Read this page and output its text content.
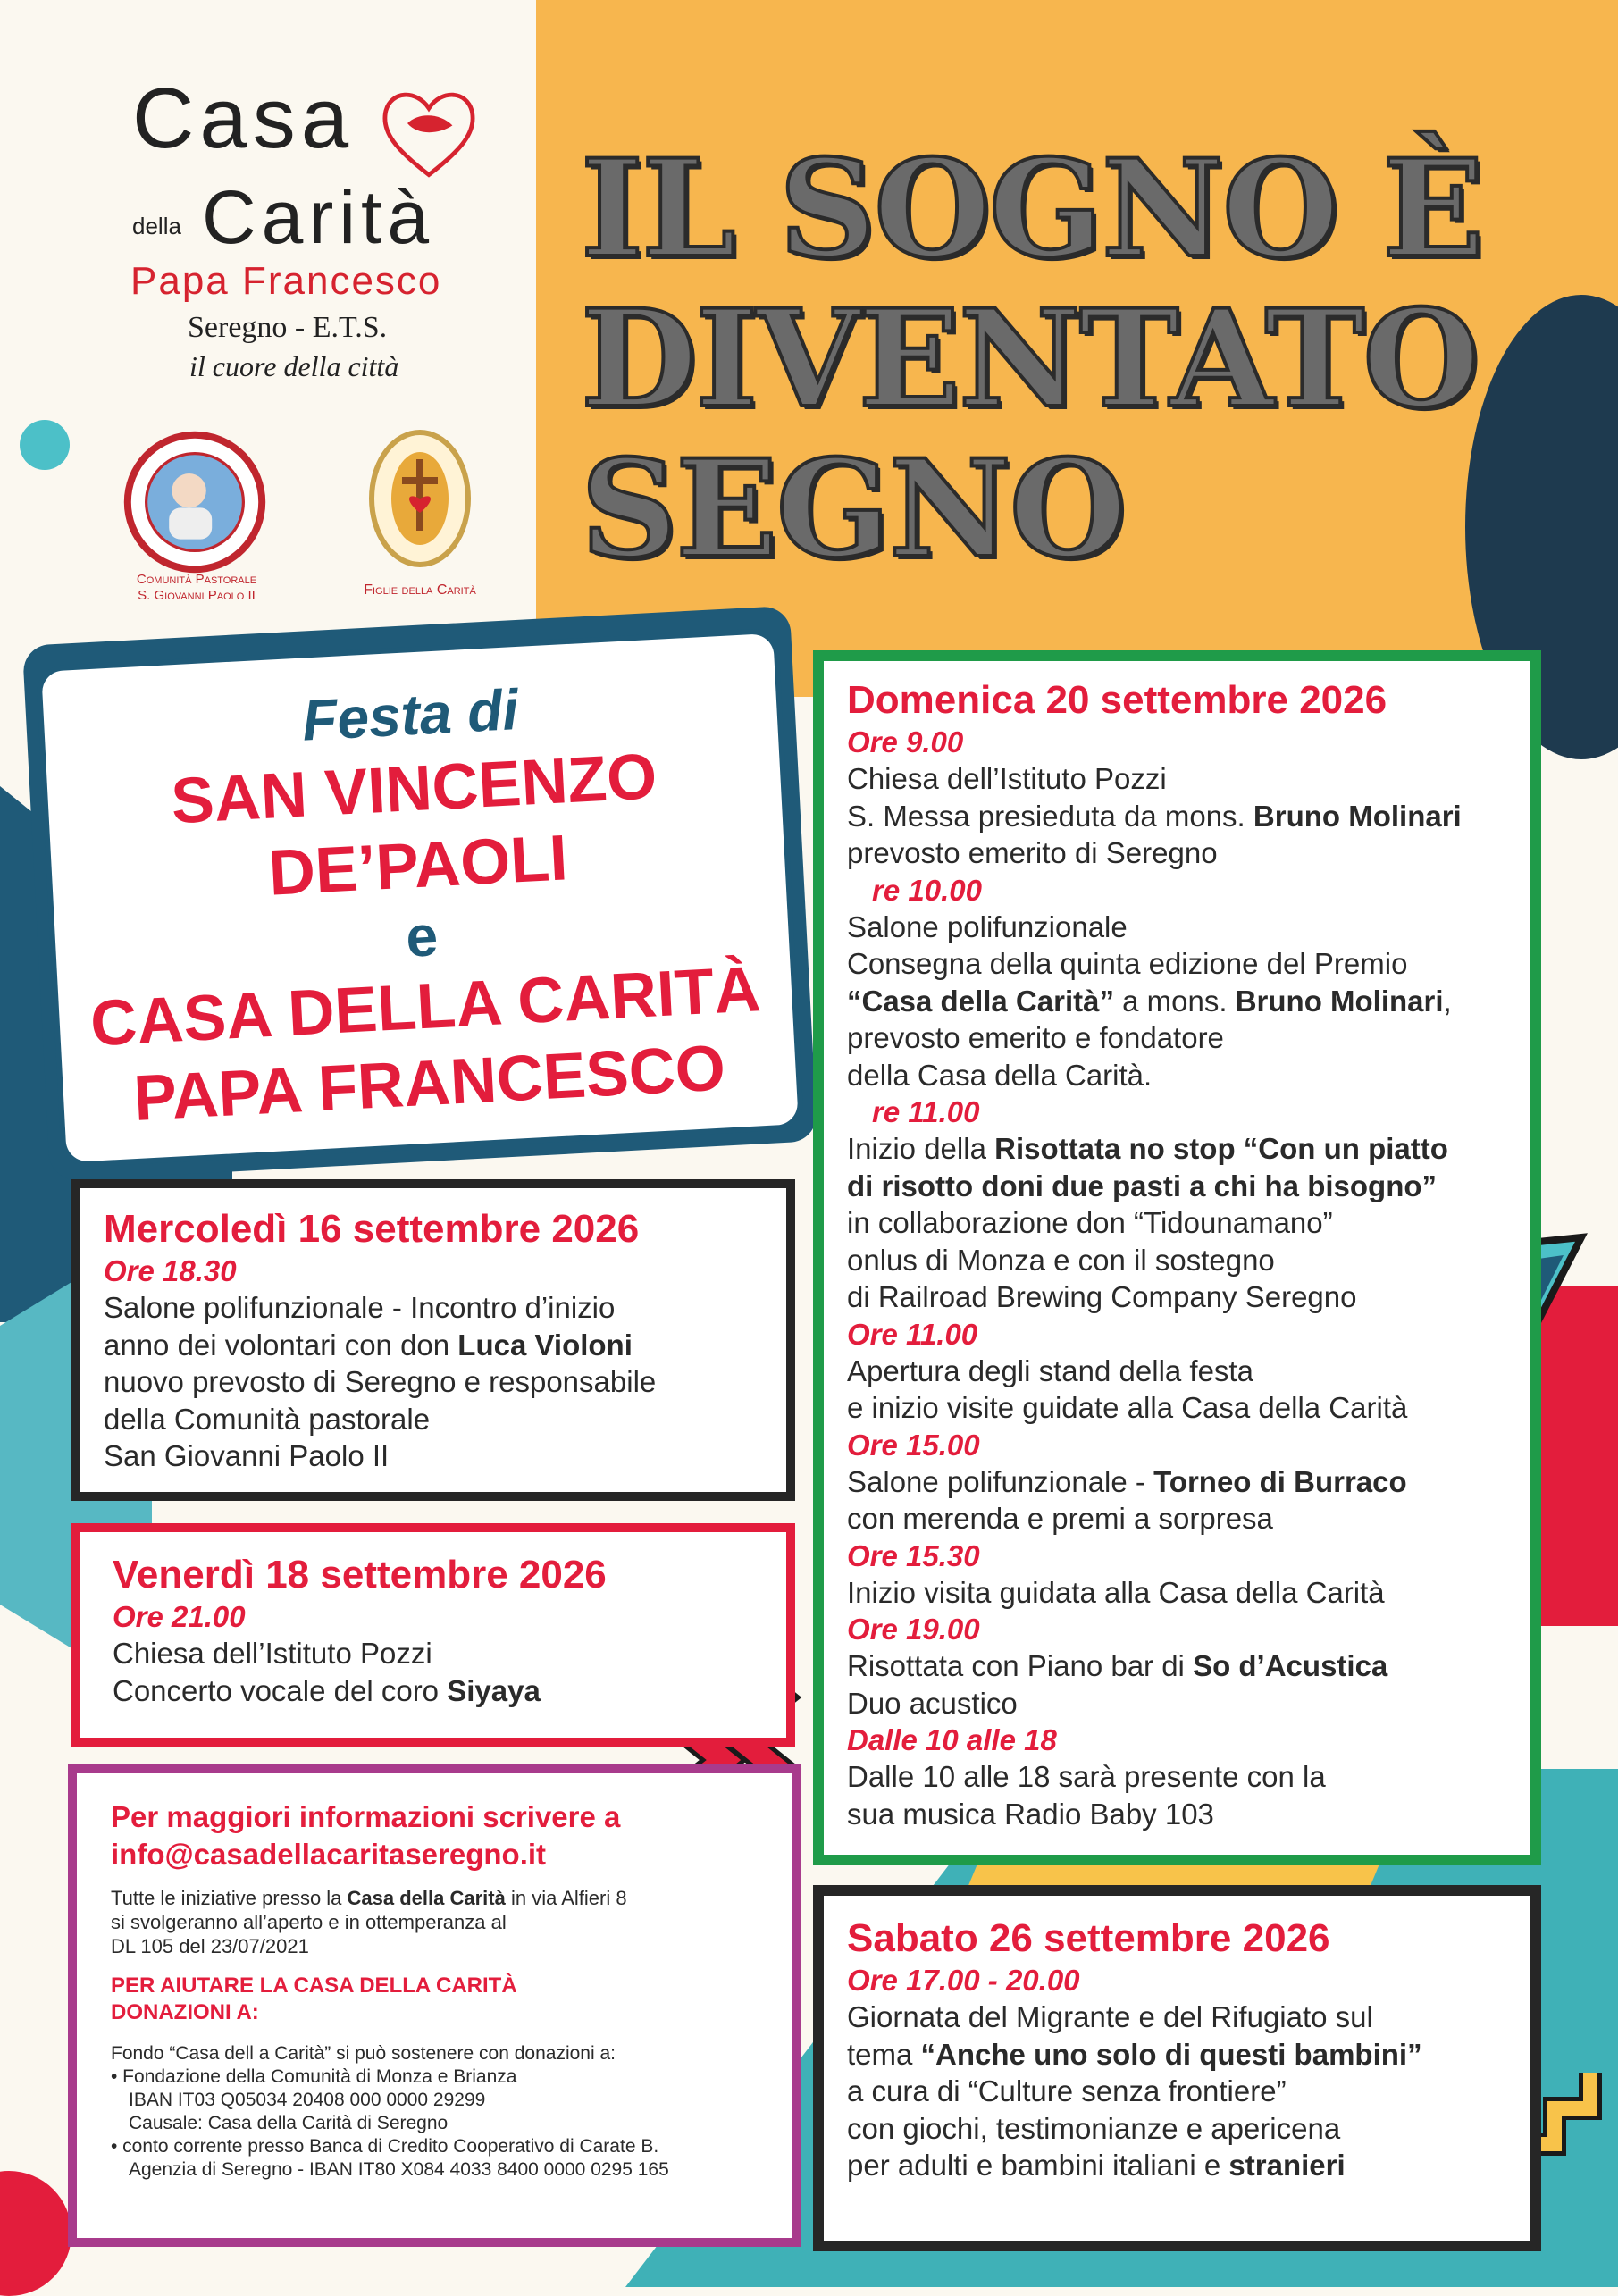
Casa
della Carità
Papa Francesco
Seregno - E.T.S.
il cuore della città
Comunità Pastorale
S. Giovanni Paolo II	Figlie della Carità
IL SOGNO È
DIVENTATO
SEGNO
Festa di
SAN VINCENZO
DE’PAOLI
e
CASA DELLA CARITÀ
PAPA FRANCESCO
Mercoledì 16 settembre 2026
Ore 18.30
Salone polifunzionale - Incontro d’inizio
anno dei volontari con don Luca Violoni
nuovo prevosto di Seregno e responsabile
della Comunità pastorale
San Giovanni Paolo II
Venerdì 18 settembre 2026
Ore 21.00
Chiesa dell’Istituto Pozzi
Concerto vocale del coro Siyaya
Per maggiori informazioni scrivere a
info@casadellacaritaseregno.it
Tutte le iniziative presso la Casa della Carità in via Alfieri 8
si svolgeranno all’aperto e in ottemperanza al
DL 105 del 23/07/2021
PER AIUTARE LA CASA DELLA CARITÀ
DONAZIONI A:
Fondo “Casa dell a Carità” si può sostenere con donazioni a:
• Fondazione della Comunità di Monza e Brianza
IBAN IT03 Q05034 20408 000 0000 29299
Causale: Casa della Carità di Seregno
• conto corrente presso Banca di Credito Cooperativo di Carate B.
Agenzia di Seregno - IBAN IT80 X084 4033 8400 0000 0295 165
Domenica 20 settembre 2026
Ore 9.00
Chiesa dell’Istituto Pozzi
S. Messa presieduta da mons. Bruno Molinari
prevosto emerito di Seregno
re 10.00
Salone polifunzionale
Consegna della quinta edizione del Premio
“Casa della Carità” a mons. Bruno Molinari,
prevosto emerito e fondatore
della Casa della Carità.
re 11.00
Inizio della Risottata no stop “Con un piatto
di risotto doni due pasti a chi ha bisogno”
in collaborazione don “Tidounamano”
onlus di Monza e con il sostegno
di Railroad Brewing Company Seregno
Ore 11.00
Apertura degli stand della festa
e inizio visite guidate alla Casa della Carità
Ore 15.00
Salone polifunzionale - Torneo di Burraco
con merenda e premi a sorpresa
Ore 15.30
Inizio visita guidata alla Casa della Carità
Ore 19.00
Risottata con Piano bar di So d’Acustica
Duo acustico
Dalle 10 alle 18
Dalle 10 alle 18 sarà presente con la
sua musica Radio Baby 103
Sabato 26 settembre 2026
Ore 17.00 - 20.00
Giornata del Migrante e del Rifugiato sul
tema “Anche uno solo di questi bambini”
a cura di “Culture senza frontiere”
con giochi, testimonianze e apericena
per adulti e bambini italiani e stranieri
